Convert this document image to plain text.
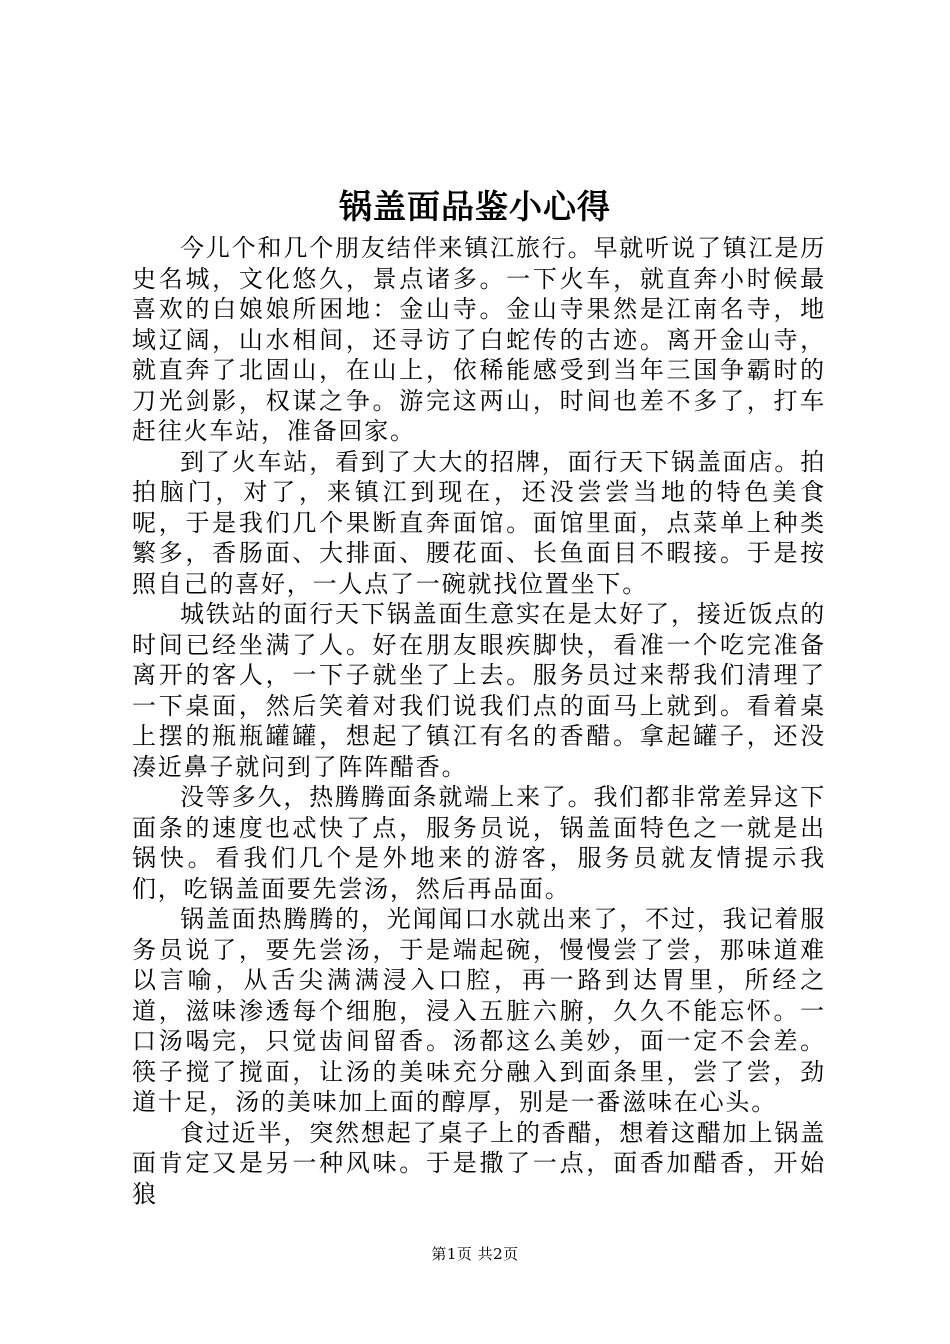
锅盖面品鉴小心得

今儿个和几个朋友结伴来镇江旅行。早就听说了镇江是历史名城，文化悠久，景点诸多。一下火车，就直奔小时候最喜欢的白娘娘所困地：金山寺。金山寺果然是江南名寺，地域辽阔，山水相间，还寻访了白蛇传的古迹。离开金山寺，就直奔了北固山，在山上，依稀能感受到当年三国争霸时的刀光剑影，权谋之争。游完这两山，时间也差不多了，打车赶往火车站，准备回家。

到了火车站，看到了大大的招牌，面行天下锅盖面店。拍拍脑门，对了，来镇江到现在，还没尝尝当地的特色美食呢，于是我们几个果断直奔面馆。面馆里面，点菜单上种类繁多，香肠面、大排面、腰花面、长鱼面目不暇接。于是按照自己的喜好，一人点了一碗就找位置坐下。

城铁站的面行天下锅盖面生意实在是太好了，接近饭点的时间已经坐满了人。好在朋友眼疾脚快，看准一个吃完准备离开的客人，一下子就坐了上去。服务员过来帮我们清理了一下桌面，然后笑着对我们说我们点的面马上就到。看着桌上摆的瓶瓶罐罐，想起了镇江有名的香醋。拿起罐子，还没凑近鼻子就问到了阵阵醋香。

没等多久，热腾腾面条就端上来了。我们都非常差异这下面条的速度也忒快了点，服务员说，锅盖面特色之一就是出锅快。看我们几个是外地来的游客，服务员就友情提示我们，吃锅盖面要先尝汤，然后再品面。

锅盖面热腾腾的，光闻闻口水就出来了，不过，我记着服务员说了，要先尝汤，于是端起碗，慢慢尝了尝，那味道难以言喻，从舌尖满满浸入口腔，再一路到达胃里，所经之道，滋味渗透每个细胞，浸入五脏六腑，久久不能忘怀。一口汤喝完，只觉齿间留香。汤都这么美妙，面一定不会差。筷子搅了搅面，让汤的美味充分融入到面条里，尝了尝，劲道十足，汤的美味加上面的醇厚，别是一番滋味在心头。

食过近半，突然想起了桌子上的香醋，想着这醋加上锅盖面肯定又是另一种风味。于是撒了一点，面香加醋香，开始狼

第1页 共2页
